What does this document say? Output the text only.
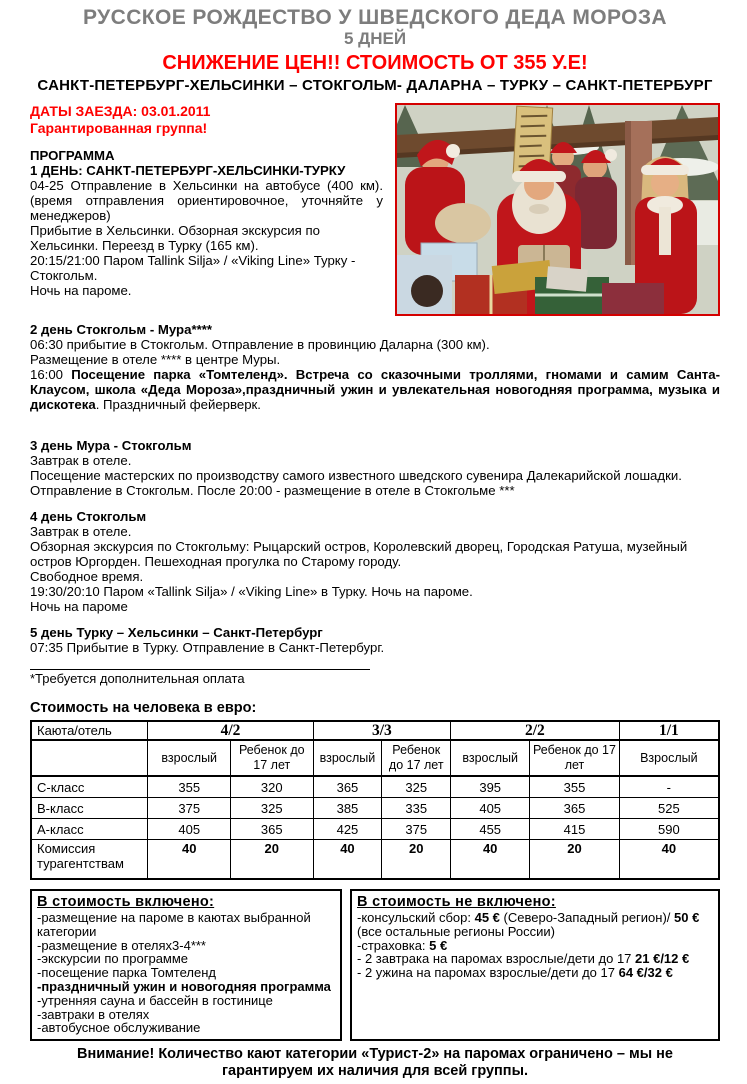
РУССКОЕ РОЖДЕСТВО У ШВЕДСКОГО ДЕДА МОРОЗА
5 ДНЕЙ
СНИЖЕНИЕ ЦЕН!! СТОИМОСТЬ ОТ 355 У.Е!
САНКТ-ПЕТЕРБУРГ-ХЕЛЬСИНКИ – СТОКГОЛЬМ- ДАЛАРНА – ТУРКУ – САНКТ-ПЕТЕРБУРГ
ДАТЫ ЗАЕЗДА: 03.01.2011
Гарантированная группа!
ПРОГРАММА
1 ДЕНЬ: САНКТ-ПЕТЕРБУРГ-ХЕЛЬСИНКИ-ТУРКУ

04-25 Отправление в Хельсинки на автобусе (400 км). (время отправления ориентировочное, уточняйте у менеджеров)

Прибытие в Хельсинки. Обзорная экскурсия по Хельсинки. Переезд в Турку (165 км).

20:15/21:00 Паром Tallink Silja» / «Viking Line» Турку - Стокгольм.

Ночь на пароме.

2 день Стокгольм - Мура****

06:30 прибытие в Стокгольм. Отправление в провинцию Даларна (300 км).

Размещение в отеле **** в центре Муры.

16:00 Посещение парка «Томтеленд». Встреча со сказочными троллями, гномами и самим Санта-Клаусом, школа «Деда Мороза»,праздничный ужин и увлекательная новогодняя программа, музыка и дискотека. Праздничный фейерверк.

3 день Мура - Стокгольм

Завтрак в отеле.

Посещение мастерских по производству самого известного шведского сувенира Далекарийской лошадки.

Отправление в Стокгольм. После 20:00 - размещение в отеле в Стокгольме ***

4 день Стокгольм

Завтрак в отеле.

Обзорная экскурсия по Стокгольму: Рыцарский остров, Королевский дворец, Городская Ратуша, музейный остров Юргорден. Пешеходная прогулка по Старому городу.

Свободное время.

19:30/20:10 Паром «Tallink Silja» / «Viking Line» в Турку. Ночь на пароме.

Ночь на пароме

5 день Турку – Хельсинки – Санкт-Петербург

07:35 Прибытие в Турку. Отправление в Санкт-Петербург.

*Требуется дополнительная оплата
Стоимость на человека в евро:
Каюта/отель	4/2		3/3		2/2		1/1
	взрослый	Ребенок до 17 лет	взрослый	Ребенок до 17 лет	взрослый	Ребенок до 17 лет	Взрослый
С-класс	355	320	365	325	395	355	-
В-класс	375	325	385	335	405	365	525
А-класс	405	365	425	375	455	415	590
Комиссия турагентствам	40	20	40	20	40	20	40
В стоимость включено:
-размещение на пароме в каютах выбранной категории
-размещение в отелях3-4***
-экскурсии по программе
-посещение парка Томтеленд
-праздничный ужин и новогодняя программа
-утренняя сауна и бассейн в гостинице
-завтраки в отелях
-автобусное обслуживание
В стоимость не включено:
-консульский сбор: 45 € (Северо-Западный регион)/ 50 € (все остальные регионы России)
-страховка: 5 €
- 2 завтрака на паромах взрослые/дети до 17 21 €/12 €
- 2 ужина на паромах взрослые/дети до 17 64 €/32 €
Внимание! Количество кают категории «Турист-2» на паромах ограничено – мы не гарантируем их наличия для всей группы.
